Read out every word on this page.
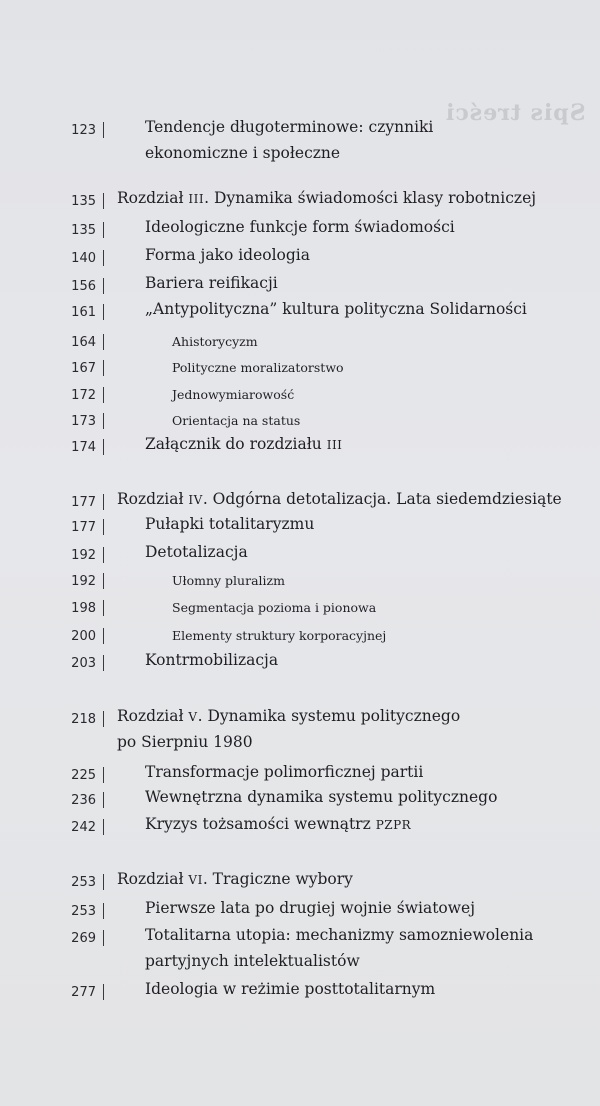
Spis treści
123	Tendencje długoterminowe: czynniki
ekonomiczne i społeczne
135 Rozdział III. Dynamika świadomości klasy robotniczej
135	Ideologiczne funkcje form świadomości
140	Forma jako ideologia
156	Bariera reifikacji
161	„Antypolityczna” kultura polityczna Solidarności
164	Ahistorycyzm
167	Polityczne moralizatorstwo
172	Jednowymiarowość
173	Orientacja na status
174	Załącznik do rozdziału III
177 Rozdział IV. Odgórna detotalizacja. Lata siedemdziesiąte
177	Pułapki totalitaryzmu
192	Detotalizacja
192	Ułomny pluralizm
198	Segmentacja pozioma i pionowa
200	Elementy struktury korporacyjnej
203	Kontrmobilizacja
218 Rozdział V. Dynamika systemu politycznego
po Sierpniu 1980
225	Transformacje polimorficznej partii
236	Wewnętrzna dynamika systemu politycznego
242	Kryzys tożsamości wewnątrz PZPR
253 Rozdział VI. Tragiczne wybory
253	Pierwsze lata po drugiej wojnie światowej
269	Totalitarna utopia: mechanizmy samozniewolenia
partyjnych intelektualistów
277	Ideologia w reżimie posttotalitarnym
